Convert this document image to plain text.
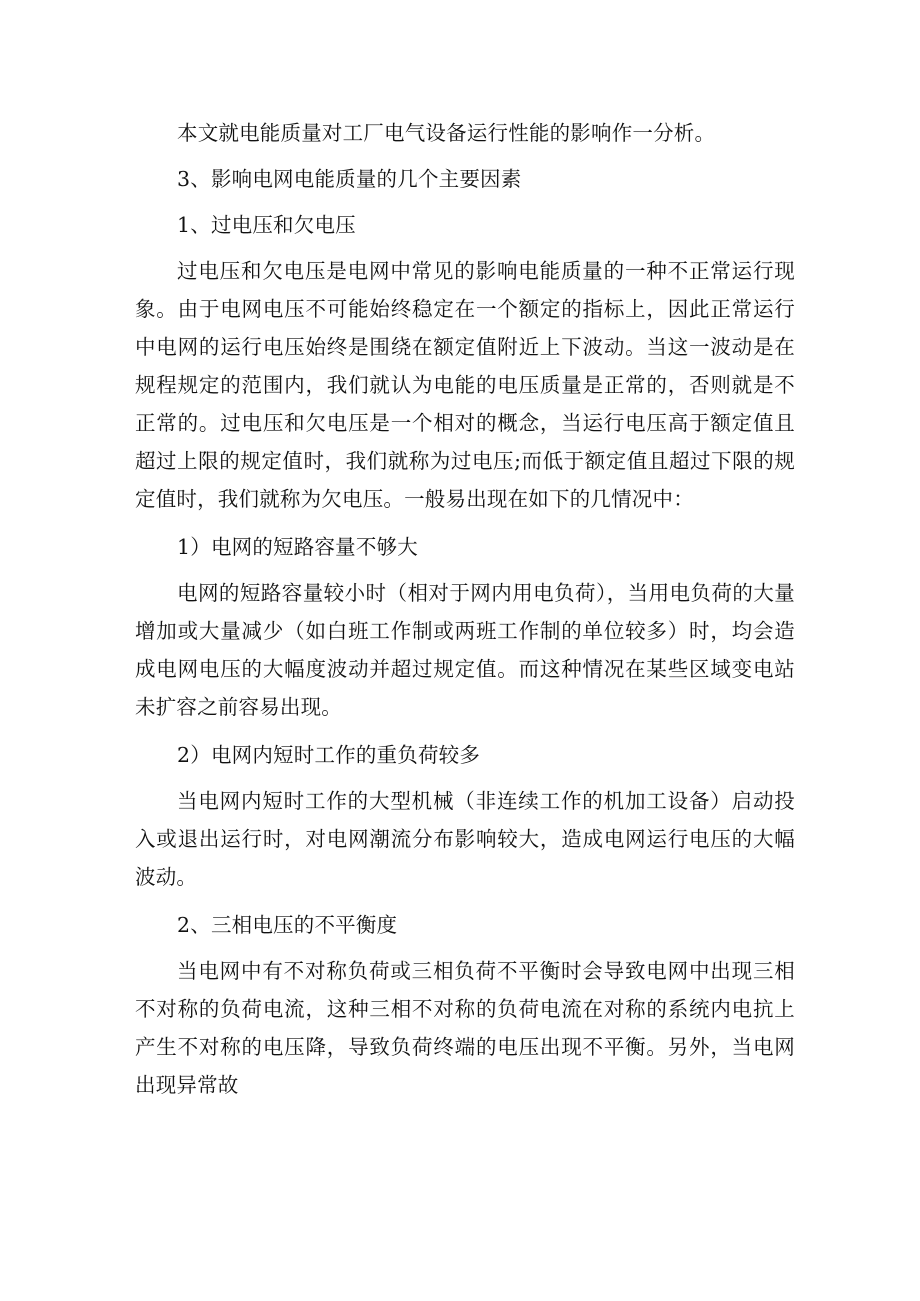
本文就电能质量对工厂电气设备运行性能的影响作一分析。

3、影响电网电能质量的几个主要因素

1、过电压和欠电压

过电压和欠电压是电网中常见的影响电能质量的一种不正常运行现象。由于电网电压不可能始终稳定在一个额定的指标上，因此正常运行中电网的运行电压始终是围绕在额定值附近上下波动。当这一波动是在规程规定的范围内，我们就认为电能的电压质量是正常的，否则就是不正常的。过电压和欠电压是一个相对的概念，当运行电压高于额定值且超过上限的规定值时，我们就称为过电压;而低于额定值且超过下限的规定值时，我们就称为欠电压。一般易出现在如下的几情况中：

1）电网的短路容量不够大

电网的短路容量较小时（相对于网内用电负荷），当用电负荷的大量增加或大量减少（如白班工作制或两班工作制的单位较多）时，均会造成电网电压的大幅度波动并超过规定值。而这种情况在某些区域变电站未扩容之前容易出现。

2）电网内短时工作的重负荷较多

当电网内短时工作的大型机械（非连续工作的机加工设备）启动投入或退出运行时，对电网潮流分布影响较大，造成电网运行电压的大幅波动。

2、三相电压的不平衡度

当电网中有不对称负荷或三相负荷不平衡时会导致电网中出现三相不对称的负荷电流，这种三相不对称的负荷电流在对称的系统内电抗上产生不对称的电压降，导致负荷终端的电压出现不平衡。另外，当电网出现异常故
